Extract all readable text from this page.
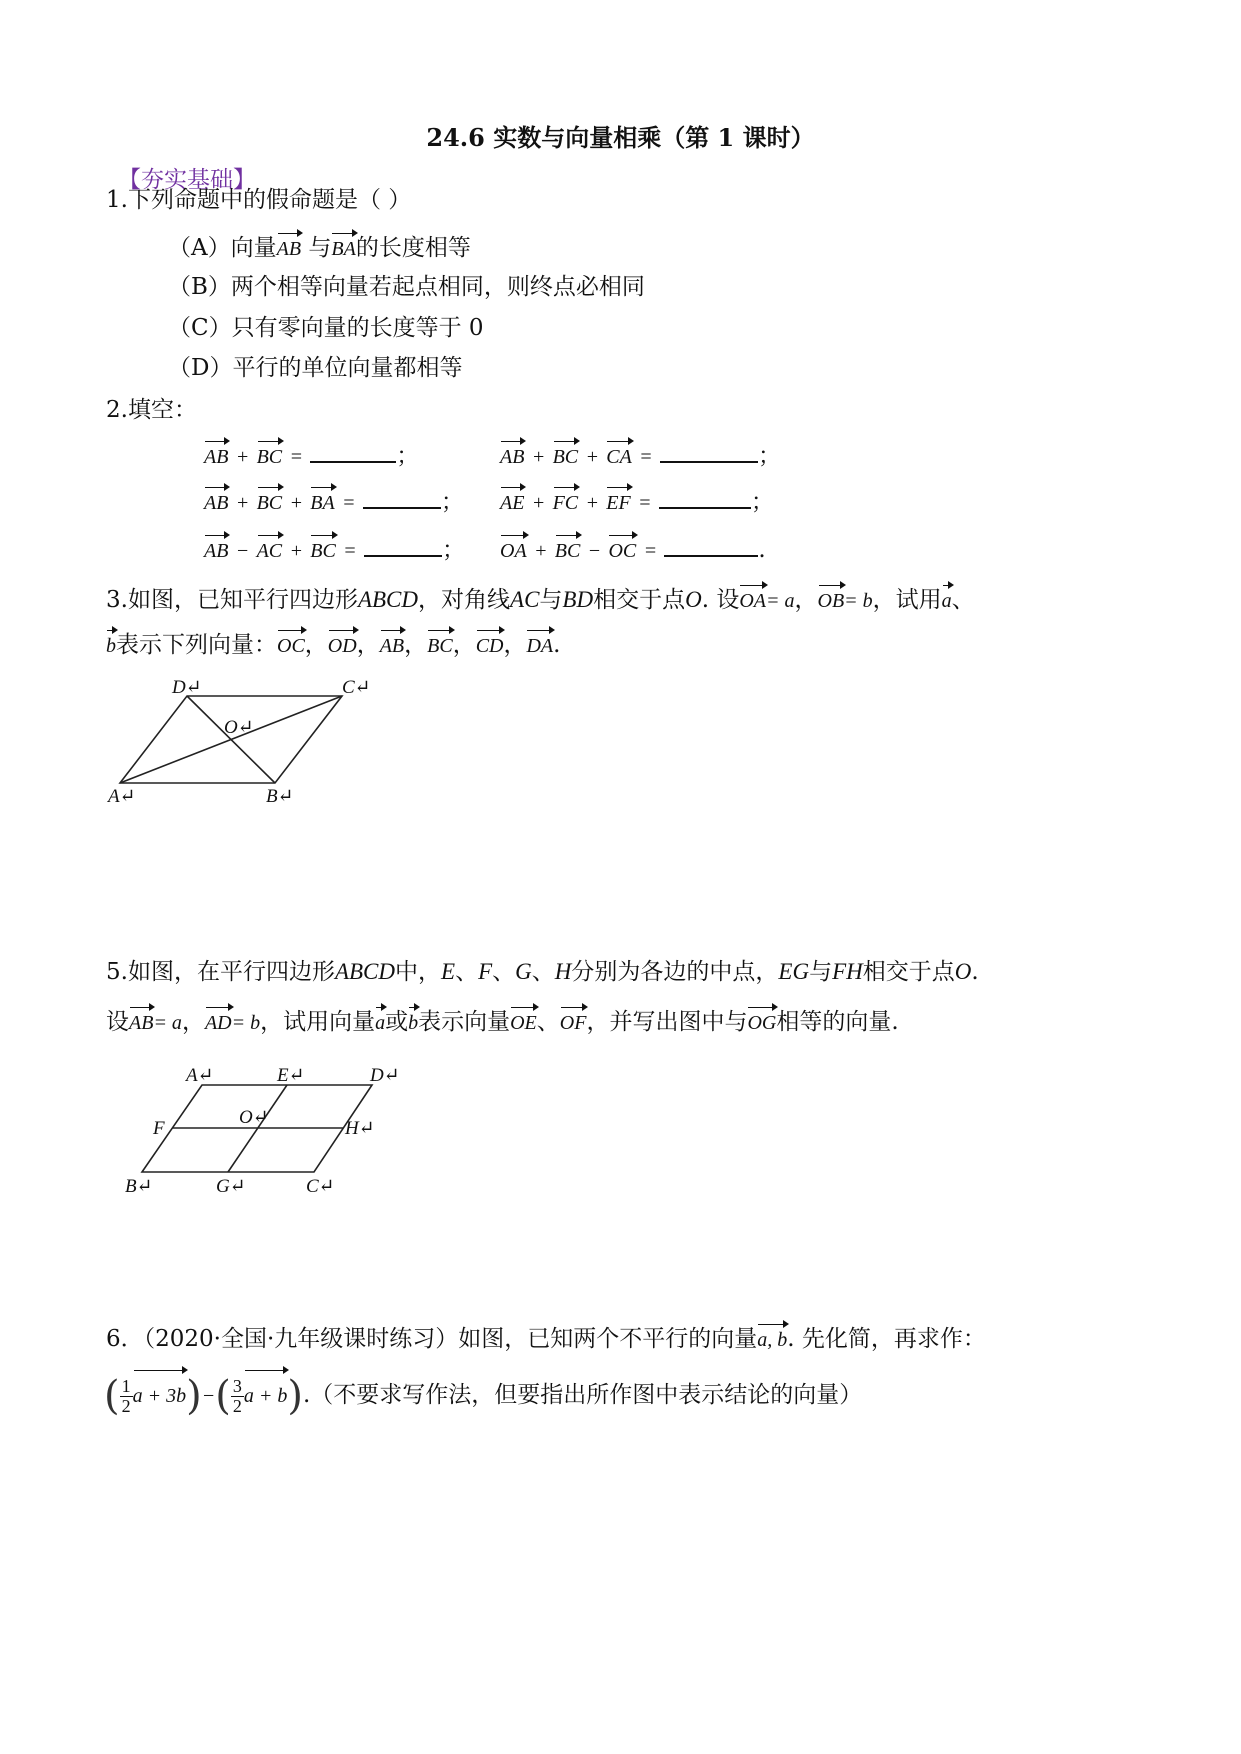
24.6 实数与向量相乘（第 1 课时）
【夯实基础】
1.下列命题中的假命题是（ ）
（A）向量AB 与BA的长度相等
（B）两个相等向量若起点相同，则终点必相同
（C）只有零向量的长度等于 0
（D）平行的单位向量都相等
2.填空：
AB + BC =	；	AB + BC + CA =	；
AB + BC + BA =	； AE + FC + EF =	；
AB − AC + BC =	； OA + BC − OC =	.
3.如图，已知平行四边形ABCD，对角线AC与BD相交于点O. 设OA= a，OB= b，试用a、
b表示下列向量：OC，OD，AB，BC，CD，DA.
D↵	C↵
O↵
A↵	B↵
5.如图，在平行四边形ABCD中，E、F、G、H分别为各边的中点，EG与FH相交于点O.
设AB= a，AD= b，试用向量a或b表示向量OE、OF，并写出图中与OG相等的向量.
A↵	E↵	D↵
F
O↵
H↵
B↵	G↵	C↵
6．（2020·全国·九年级课时练习）如图，已知两个不平行的向量a, b. 先化简，再求作：
( $\frac{1}{2}$ $a + 3b)-( \frac{3}{2}$ a + b).（不要求写作法，但要指出所作图中表示结论的向量）
